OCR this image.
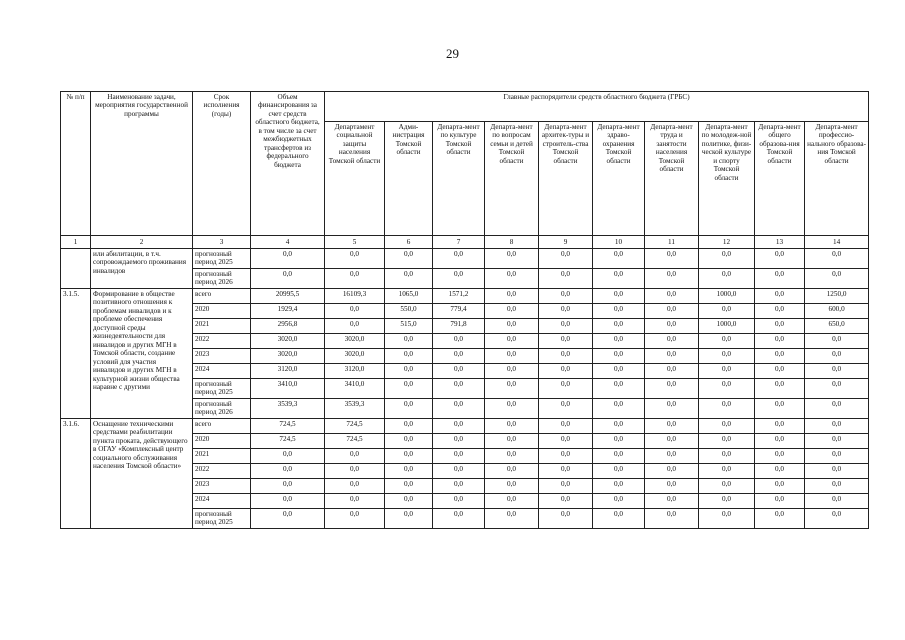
29
№ п/п	Наименование задачи, мероприятия государственной программы	Срок исполнения (годы)	Объем финансирования за счет средств областного бюджета, в том числе за счет межбюджетных трансфертов из федерального бюджета	Главные распорядители средств областного бюджета (ГРБС)									
				Департамент социальной защиты населения Томской области	Адми-нистрация Томской области	Департа-мент по культуре Томской области	Департа-мент по вопросам семьи и детей Томской области	Департа-мент архитек-туры и строитель-ства Томской области	Департа-мент здраво-охранения Томской области	Департа-мент труда и занятости населения Томской области	Департа-мент по молодеж-ной политике, физи-ческой культуре и спорту Томской области	Департа-мент общего образова-ния Томской области	Департа-мент профессио-нального образова-ния Томской области
1	2	3	4	5	6	7	8	9	10	11	12	13	14
	или абилитации, в т.ч. сопровождаемого проживания инвалидов	прогнозный период 2025	0,0	0,0	0,0	0,0	0,0	0,0	0,0	0,0	0,0	0,0	0,0
		прогнозный период 2026	0,0	0,0	0,0	0,0	0,0	0,0	0,0	0,0	0,0	0,0	0,0
3.1.5.	Формирование в обществе позитивного отношения к проблемам инвалидов и к проблеме обеспечения доступной среды жизнедеятельности для инвалидов и других МГН в Томской области, создание условий для участия инвалидов и других МГН в культурной жизни общества наравне с другими	всего	20995,5	16109,3	1065,0	1571,2	0,0	0,0	0,0	0,0	1000,0	0,0	1250,0
		2020	1929,4	0,0	550,0	779,4	0,0	0,0	0,0	0,0	0,0	0,0	600,0
		2021	2956,8	0,0	515,0	791,8	0,0	0,0	0,0	0,0	1000,0	0,0	650,0
		2022	3020,0	3020,0	0,0	0,0	0,0	0,0	0,0	0,0	0,0	0,0	0,0
		2023	3020,0	3020,0	0,0	0,0	0,0	0,0	0,0	0,0	0,0	0,0	0,0
		2024	3120,0	3120,0	0,0	0,0	0,0	0,0	0,0	0,0	0,0	0,0	0,0
		прогнозный период 2025	3410,0	3410,0	0,0	0,0	0,0	0,0	0,0	0,0	0,0	0,0	0,0
		прогнозный период 2026	3539,3	3539,3	0,0	0,0	0,0	0,0	0,0	0,0	0,0	0,0	0,0
3.1.6.	Оснащение техническими средствами реабилитации пункта проката, действующего в ОГАУ «Комплексный центр социального обслуживания населения Томской области»	всего	724,5	724,5	0,0	0,0	0,0	0,0	0,0	0,0	0,0	0,0	0,0
		2020	724,5	724,5	0,0	0,0	0,0	0,0	0,0	0,0	0,0	0,0	0,0
		2021	0,0	0,0	0,0	0,0	0,0	0,0	0,0	0,0	0,0	0,0	0,0
		2022	0,0	0,0	0,0	0,0	0,0	0,0	0,0	0,0	0,0	0,0	0,0
		2023	0,0	0,0	0,0	0,0	0,0	0,0	0,0	0,0	0,0	0,0	0,0
		2024	0,0	0,0	0,0	0,0	0,0	0,0	0,0	0,0	0,0	0,0	0,0
		прогнозный период 2025	0,0	0,0	0,0	0,0	0,0	0,0	0,0	0,0	0,0	0,0	0,0
